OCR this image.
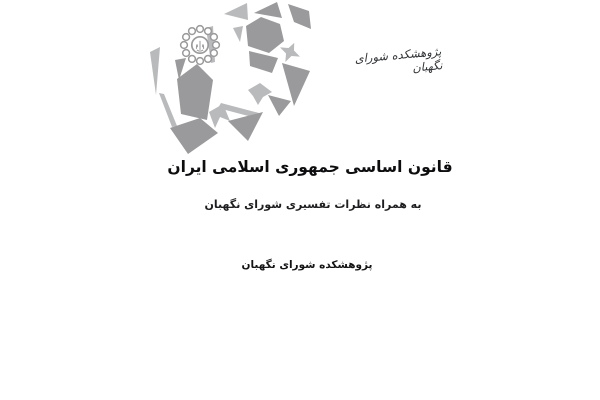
پژوهشکده شورای نگهبان
قانون اساسی جمهوری اسلامی ایران
به همراه نظرات تفسیری شورای نگهبان
پژوهشکده شورای نگهبان
